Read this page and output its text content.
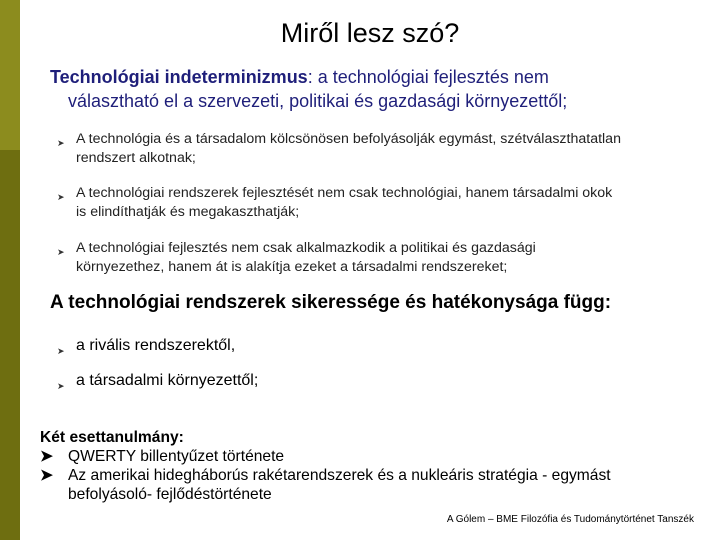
Miről lesz szó?
Technológiai indeterminizmus: a technológiai fejlesztés nem
választható el a szervezeti, politikai és gazdasági környezettől;
➤ A technológia és a társadalom kölcsönösen befolyásolják egymást, szétválaszthatatlan
rendszert alkotnak;
➤ A technológiai rendszerek fejlesztését nem csak technológiai, hanem társadalmi okok
is elindíthatják és megakaszthatják;
➤ A technológiai fejlesztés nem csak alkalmazkodik a politikai és gazdasági
környezethez, hanem át is alakítja ezeket a társadalmi rendszereket;
A technológiai rendszerek sikeressége és hatékonysága függ:
➤ a rivális rendszerektől,
➤ a társadalmi környezettől;
Két esettanulmány:
➤ QWERTY billentyűzet története
➤ Az amerikai hidegháborús rakétarendszerek és a nukleáris stratégia - egymást
befolyásoló- fejlődéstörténete
A Gólem – BME Filozófia és Tudománytörténet Tanszék
